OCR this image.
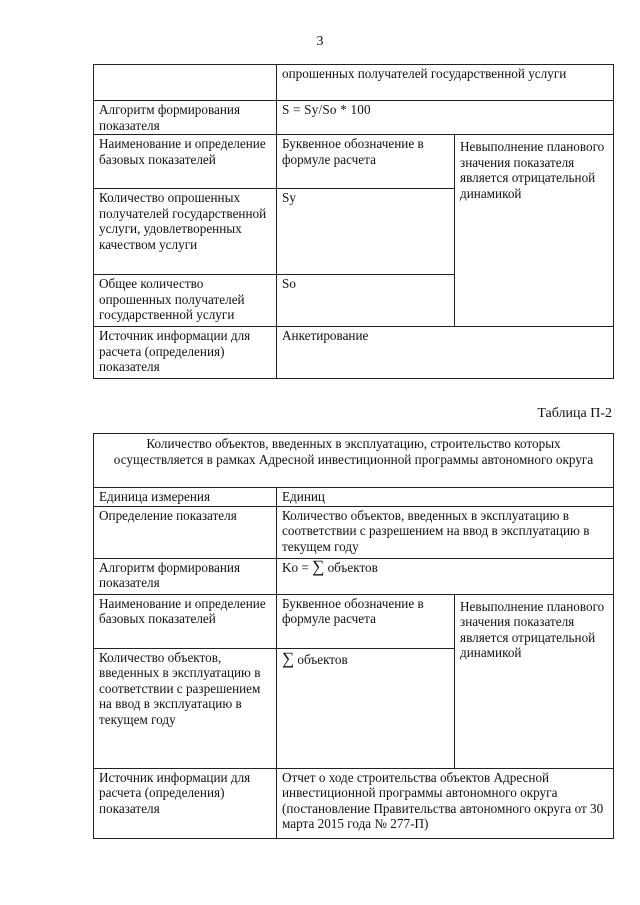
3
	опрошенных получателей государственной услуги	
Алгоритм формирования показателя	S = Sy/So * 100	
Наименование и определение базовых показателей	Буквенное обозначение в формуле расчета	Невыполнение планового значения показателя является отрицательной динамикой
Количество опрошенных получателей государственной услуги, удовлетворенных качеством услуги	Sy	
Общее количество опрошенных получателей государственной услуги	So	
Источник информации для расчета (определения) показателя	Анкетирование	
Таблица П-2
Количество объектов, введенных в эксплуатацию, строительство которых осуществляется в рамках Адресной инвестиционной программы автономного округа		
Единица измерения	Единиц	
Определение показателя	Количество объектов, введенных в эксплуатацию в соответствии с разрешением на ввод в эксплуатацию в текущем году	
Алгоритм формирования показателя	Ko = ∑ объектов	
Наименование и определение базовых показателей	Буквенное обозначение в формуле расчета	Невыполнение планового значения показателя является отрицательной динамикой
Количество объектов, введенных в эксплуатацию в соответствии с разрешением на ввод в эксплуатацию в текущем году	∑ объектов	
Источник информации для расчета (определения) показателя	Отчет о ходе строительства объектов Адресной инвестиционной программы автономного округа (постановление Правительства автономного округа от 30 марта 2015 года № 277-П)	
